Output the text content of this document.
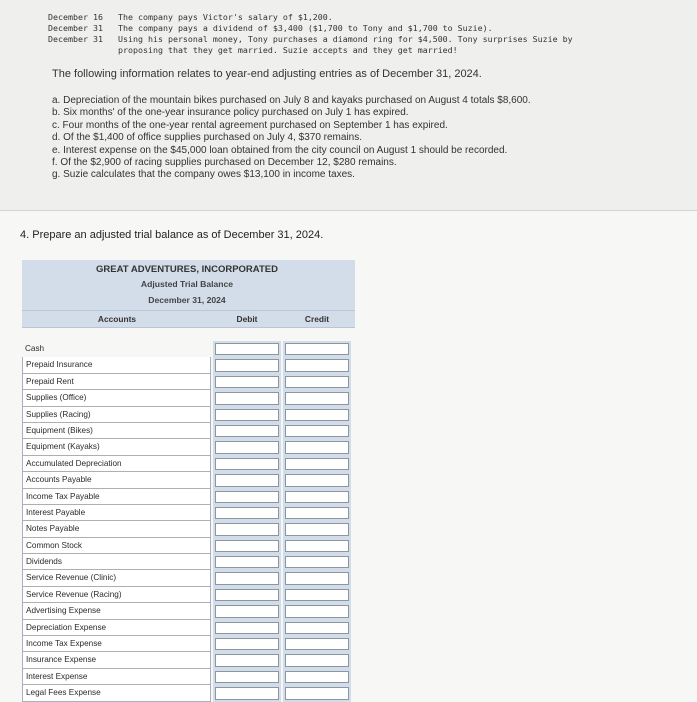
December 16	The company pays Victor's salary of $1,200.
December 31	The company pays a dividend of $3,400 ($1,700 to Tony and $1,700 to Suzie).
December 31	Using his personal money, Tony purchases a diamond ring for $4,500. Tony surprises Suzie by
proposing that they get married. Suzie accepts and they get married!
The following information relates to year-end adjusting entries as of December 31, 2024.
a. Depreciation of the mountain bikes purchased on July 8 and kayaks purchased on August 4 totals $8,600.
b. Six months' of the one-year insurance policy purchased on July 1 has expired.
c. Four months of the one-year rental agreement purchased on September 1 has expired.
d. Of the $1,400 of office supplies purchased on July 4, $370 remains.
e. Interest expense on the $45,000 loan obtained from the city council on August 1 should be recorded.
f. Of the $2,900 of racing supplies purchased on December 12, $280 remains.
g. Suzie calculates that the company owes $13,100 in income taxes.
4. Prepare an adjusted trial balance as of December 31, 2024.
GREAT ADVENTURES, INCORPORATED
Adjusted Trial Balance
December 31, 2024
Accounts	Debit	Credit
Cash
Prepaid Insurance
Prepaid Rent
Supplies (Office)
Supplies (Racing)
Equipment (Bikes)
Equipment (Kayaks)
Accumulated Depreciation
Accounts Payable
Income Tax Payable
Interest Payable
Notes Payable
Common Stock
Dividends
Service Revenue (Clinic)
Service Revenue (Racing)
Advertising Expense
Depreciation Expense
Income Tax Expense
Insurance Expense
Interest Expense
Legal Fees Expense
